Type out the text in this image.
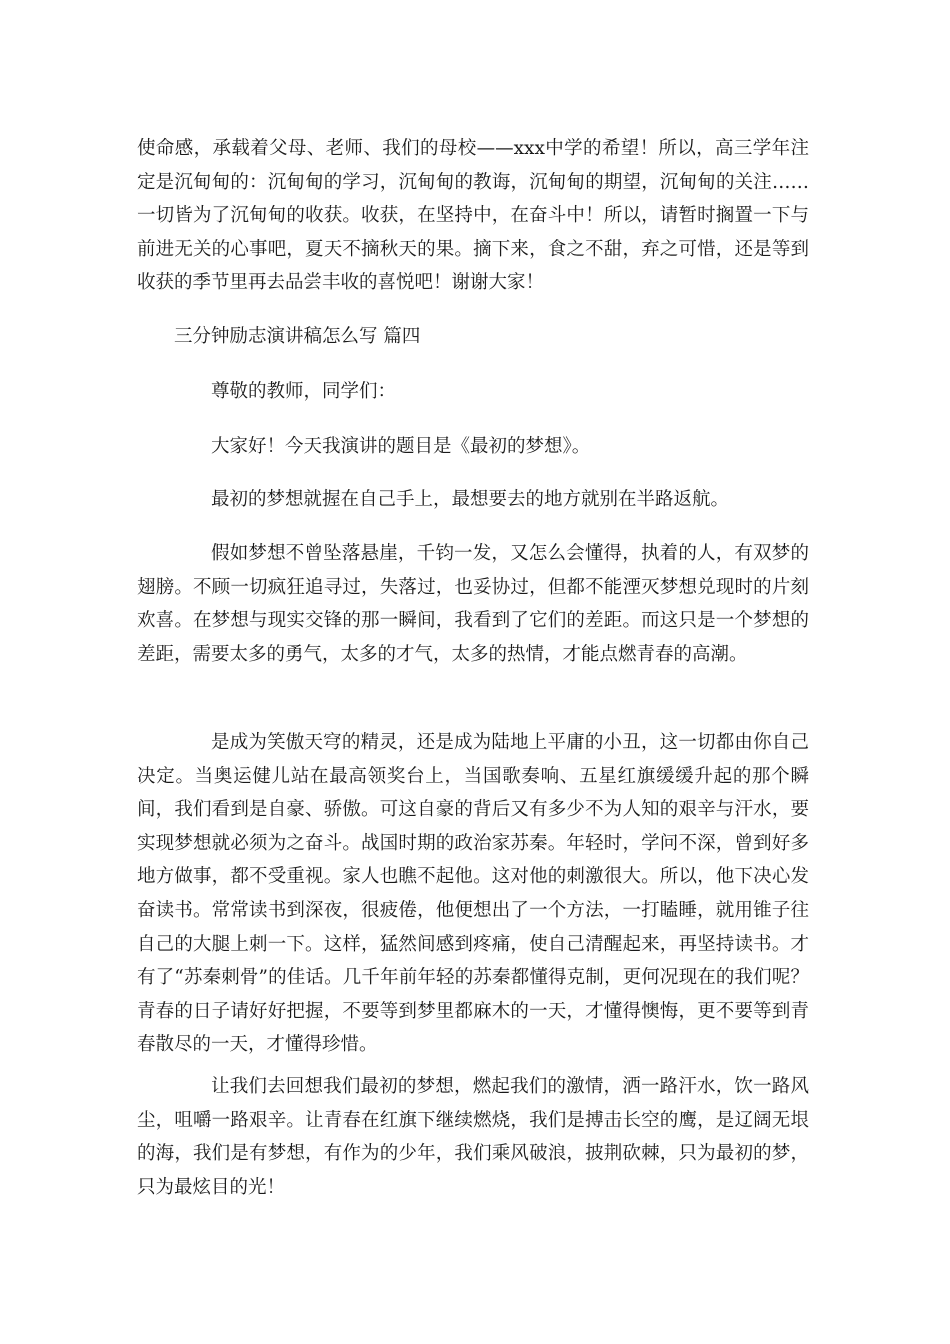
使命感，承载着父母、老师、我们的母校——xxx中学的希望！所以，高三学年注定是沉甸甸的：沉甸甸的学习，沉甸甸的教诲，沉甸甸的期望，沉甸甸的关注……一切皆为了沉甸甸的收获。收获，在坚持中，在奋斗中！所以，请暂时搁置一下与前进无关的心事吧，夏天不摘秋天的果。摘下来，食之不甜，弃之可惜，还是等到收获的季节里再去品尝丰收的喜悦吧！谢谢大家！

三分钟励志演讲稿怎么写 篇四

尊敬的教师，同学们：

大家好！今天我演讲的题目是《最初的梦想》。

最初的梦想就握在自己手上，最想要去的地方就别在半路返航。

假如梦想不曾坠落悬崖，千钧一发，又怎么会懂得，执着的人，有双梦的翅膀。不顾一切疯狂追寻过，失落过，也妥协过，但都不能湮灭梦想兑现时的片刻欢喜。在梦想与现实交锋的那一瞬间，我看到了它们的差距。而这只是一个梦想的差距，需要太多的勇气，太多的才气，太多的热情，才能点燃青春的高潮。

是成为笑傲天穹的精灵，还是成为陆地上平庸的小丑，这一切都由你自己决定。当奥运健儿站在最高领奖台上，当国歌奏响、五星红旗缓缓升起的那个瞬间，我们看到是自豪、骄傲。可这自豪的背后又有多少不为人知的艰辛与汗水，要实现梦想就必须为之奋斗。战国时期的政治家苏秦。年轻时，学问不深，曾到好多地方做事，都不受重视。家人也瞧不起他。这对他的刺激很大。所以，他下决心发奋读书。常常读书到深夜，很疲倦，他便想出了一个方法，一打瞌睡，就用锥子往自己的大腿上刺一下。这样，猛然间感到疼痛，使自己清醒起来，再坚持读书。才有了“苏秦刺骨”的佳话。几千年前年轻的苏秦都懂得克制，更何况现在的我们呢？青春的日子请好好把握，不要等到梦里都麻木的一天，才懂得懊悔，更不要等到青春散尽的一天，才懂得珍惜。

让我们去回想我们最初的梦想，燃起我们的激情，洒一路汗水，饮一路风尘，咀嚼一路艰辛。让青春在红旗下继续燃烧，我们是搏击长空的鹰，是辽阔无垠的海，我们是有梦想，有作为的少年，我们乘风破浪，披荆砍棘，只为最初的梦，只为最炫目的光！
